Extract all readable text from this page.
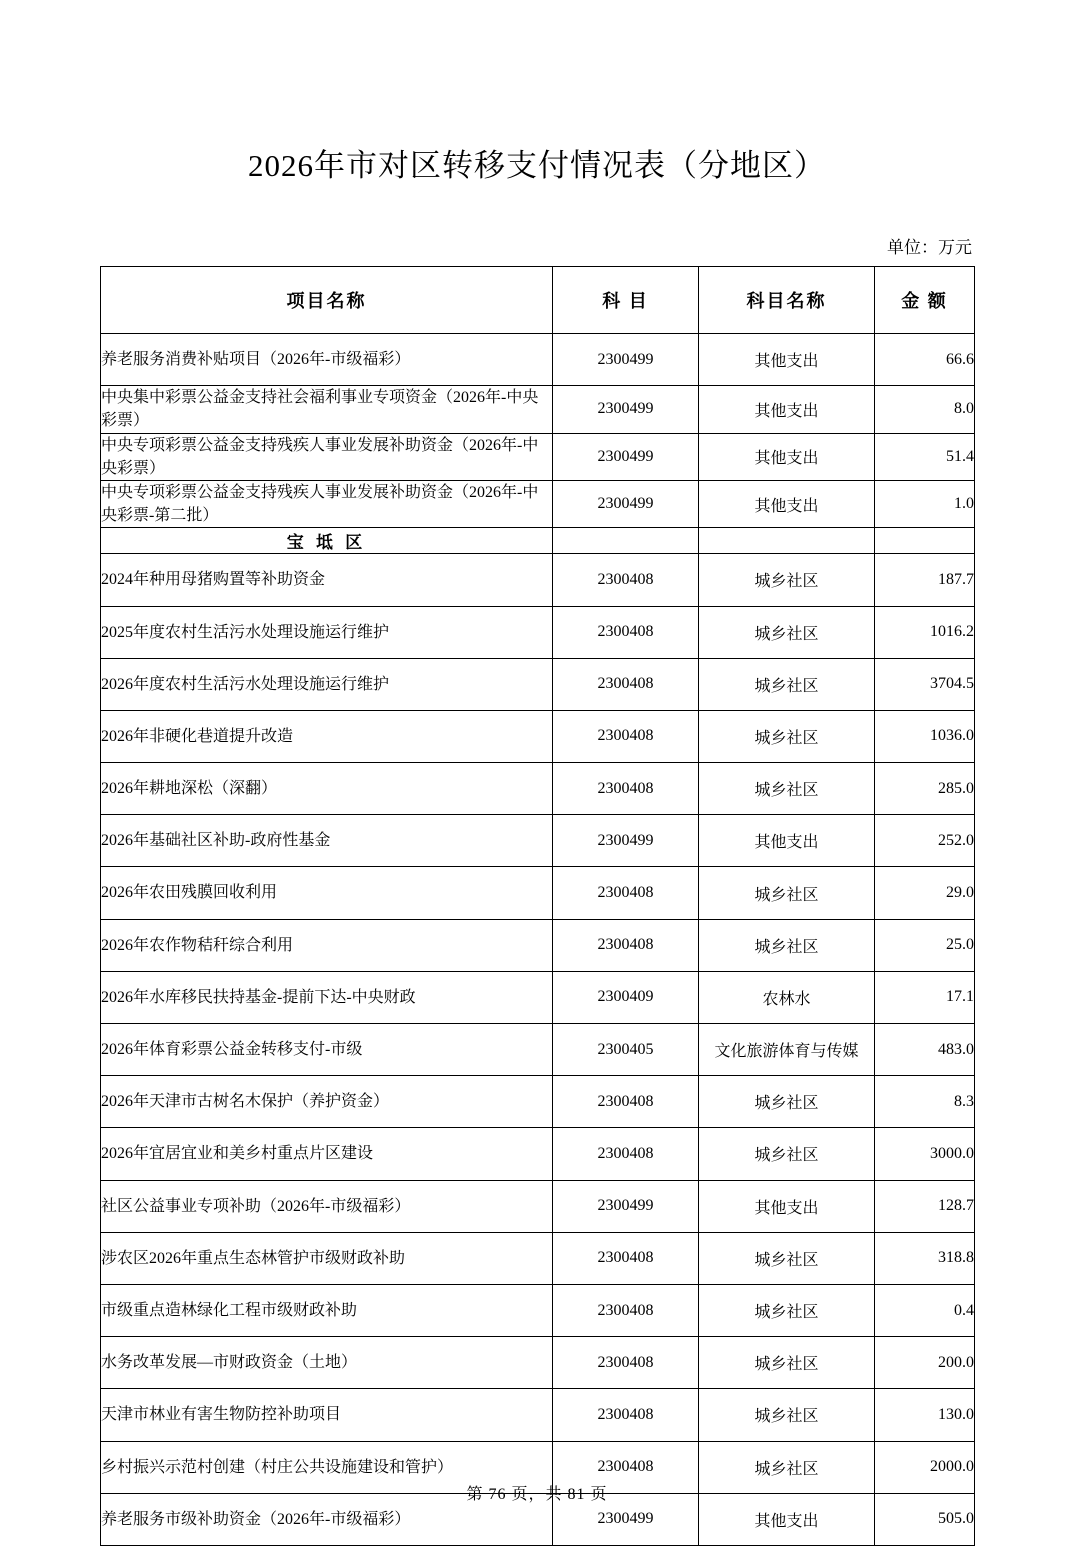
2026年市对区转移支付情况表（分地区）
单位：万元
项目名称	科 目	科目名称	金 额
养老服务消费补贴项目（2026年-市级福彩）	2300499	其他支出	66.6
中央集中彩票公益金支持社会福利事业专项资金（2026年-中央彩票）	2300499	其他支出	8.0
中央专项彩票公益金支持残疾人事业发展补助资金（2026年-中央彩票）	2300499	其他支出	51.4
中央专项彩票公益金支持残疾人事业发展补助资金（2026年-中央彩票-第二批）	2300499	其他支出	1.0
宝 坻 区			
2024年种用母猪购置等补助资金	2300408	城乡社区	187.7
2025年度农村生活污水处理设施运行维护	2300408	城乡社区	1016.2
2026年度农村生活污水处理设施运行维护	2300408	城乡社区	3704.5
2026年非硬化巷道提升改造	2300408	城乡社区	1036.0
2026年耕地深松（深翻）	2300408	城乡社区	285.0
2026年基础社区补助-政府性基金	2300499	其他支出	252.0
2026年农田残膜回收利用	2300408	城乡社区	29.0
2026年农作物秸秆综合利用	2300408	城乡社区	25.0
2026年水库移民扶持基金-提前下达-中央财政	2300409	农林水	17.1
2026年体育彩票公益金转移支付-市级	2300405	文化旅游体育与传媒	483.0
2026年天津市古树名木保护（养护资金）	2300408	城乡社区	8.3
2026年宜居宜业和美乡村重点片区建设	2300408	城乡社区	3000.0
社区公益事业专项补助（2026年-市级福彩）	2300499	其他支出	128.7
涉农区2026年重点生态林管护市级财政补助	2300408	城乡社区	318.8
市级重点造林绿化工程市级财政补助	2300408	城乡社区	0.4
水务改革发展—市财政资金（土地）	2300408	城乡社区	200.0
天津市林业有害生物防控补助项目	2300408	城乡社区	130.0
乡村振兴示范村创建（村庄公共设施建设和管护）	2300408	城乡社区	2000.0
养老服务市级补助资金（2026年-市级福彩）	2300499	其他支出	505.0
第 76 页，共 81 页
